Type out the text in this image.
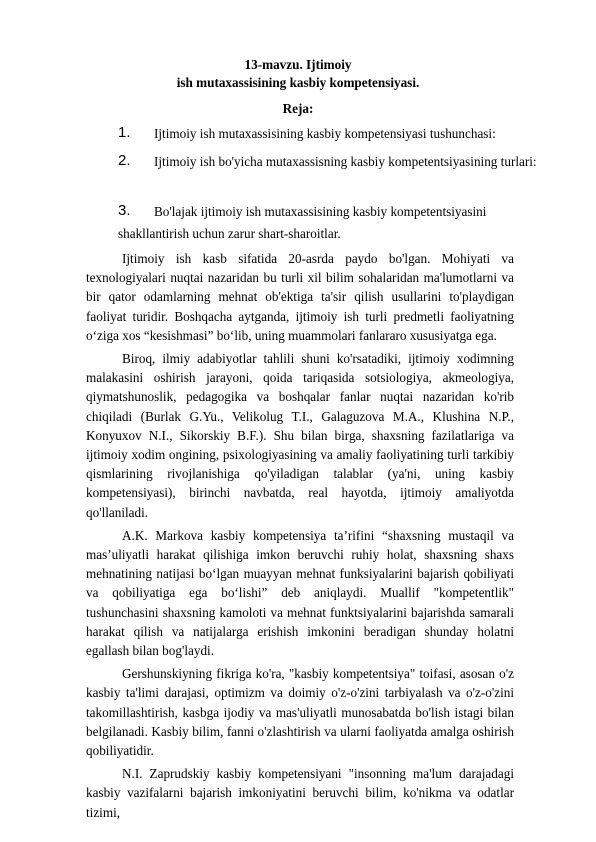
13-mavzu. Ijtimoiy
ish mutaxassisining kasbiy kompetensiyasi.
Reja:
1.	Ijtimoiy ish mutaxassisining kasbiy kompetensiyasi tushunchasi:
2.	Ijtimoiy ish bo'yicha mutaxassisning kasbiy kompetentsiyasining turlari:
3.	Bo'lajak ijtimoiy ish mutaxassisining kasbiy kompetentsiyasini shakllantirish uchun zarur shart-sharoitlar.

Ijtimoiy ish kasb sifatida 20-asrda paydo bo'lgan. Mohiyati va texnologiyalari nuqtai nazaridan bu turli xil bilim sohalaridan ma'lumotlarni va bir qator odamlarning mehnat ob'ektiga ta'sir qilish usullarini to'playdigan faoliyat turidir. Boshqacha aytganda, ijtimoiy ish turli predmetli faoliyatning o‘ziga xos “kesishmasi” bo‘lib, uning muammolari fanlararo xususiyatga ega.

Biroq, ilmiy adabiyotlar tahlili shuni ko'rsatadiki, ijtimoiy xodimning malakasini oshirish jarayoni, qoida tariqasida sotsiologiya, akmeologiya, qiymatshunoslik, pedagogika va boshqalar fanlar nuqtai nazaridan ko'rib chiqiladi (Burlak G.Yu., Velikolug T.I., Galaguzova M.A., Klushina N.P., Konyuxov N.I., Sikorskiy B.F.). Shu bilan birga, shaxsning fazilatlariga va ijtimoiy xodim ongining, psixologiyasining va amaliy faoliyatining turli tarkibiy qismlarining rivojlanishiga qo'yiladigan talablar (ya'ni, uning kasbiy kompetensiyasi), birinchi navbatda, real hayotda, ijtimoiy amaliyotda qo'llaniladi.

A.K. Markova kasbiy kompetensiya ta’rifini “shaxsning mustaqil va mas’uliyatli harakat qilishiga imkon beruvchi ruhiy holat, shaxsning shaxs mehnatining natijasi bo‘lgan muayyan mehnat funksiyalarini bajarish qobiliyati va qobiliyatiga ega bo‘lishi” deb aniqlaydi. Muallif "kompetentlik" tushunchasini shaxsning kamoloti va mehnat funktsiyalarini bajarishda samarali harakat qilish va natijalarga erishish imkonini beradigan shunday holatni egallash bilan bog'laydi.

Gershunskiyning fikriga ko'ra, "kasbiy kompetentsiya" toifasi, asosan o'z kasbiy ta'limi darajasi, optimizm va doimiy o'z-o'zini tarbiyalash va o'z-o'zini takomillashtirish, kasbga ijodiy va mas'uliyatli munosabatda bo'lish istagi bilan belgilanadi. Kasbiy bilim, fanni o'zlashtirish va ularni faoliyatda amalga oshirish qobiliyatidir.

N.I. Zaprudskiy kasbiy kompetensiyani "insonning ma'lum darajadagi kasbiy vazifalarni bajarish imkoniyatini beruvchi bilim, ko'nikma va odatlar tizimi,
